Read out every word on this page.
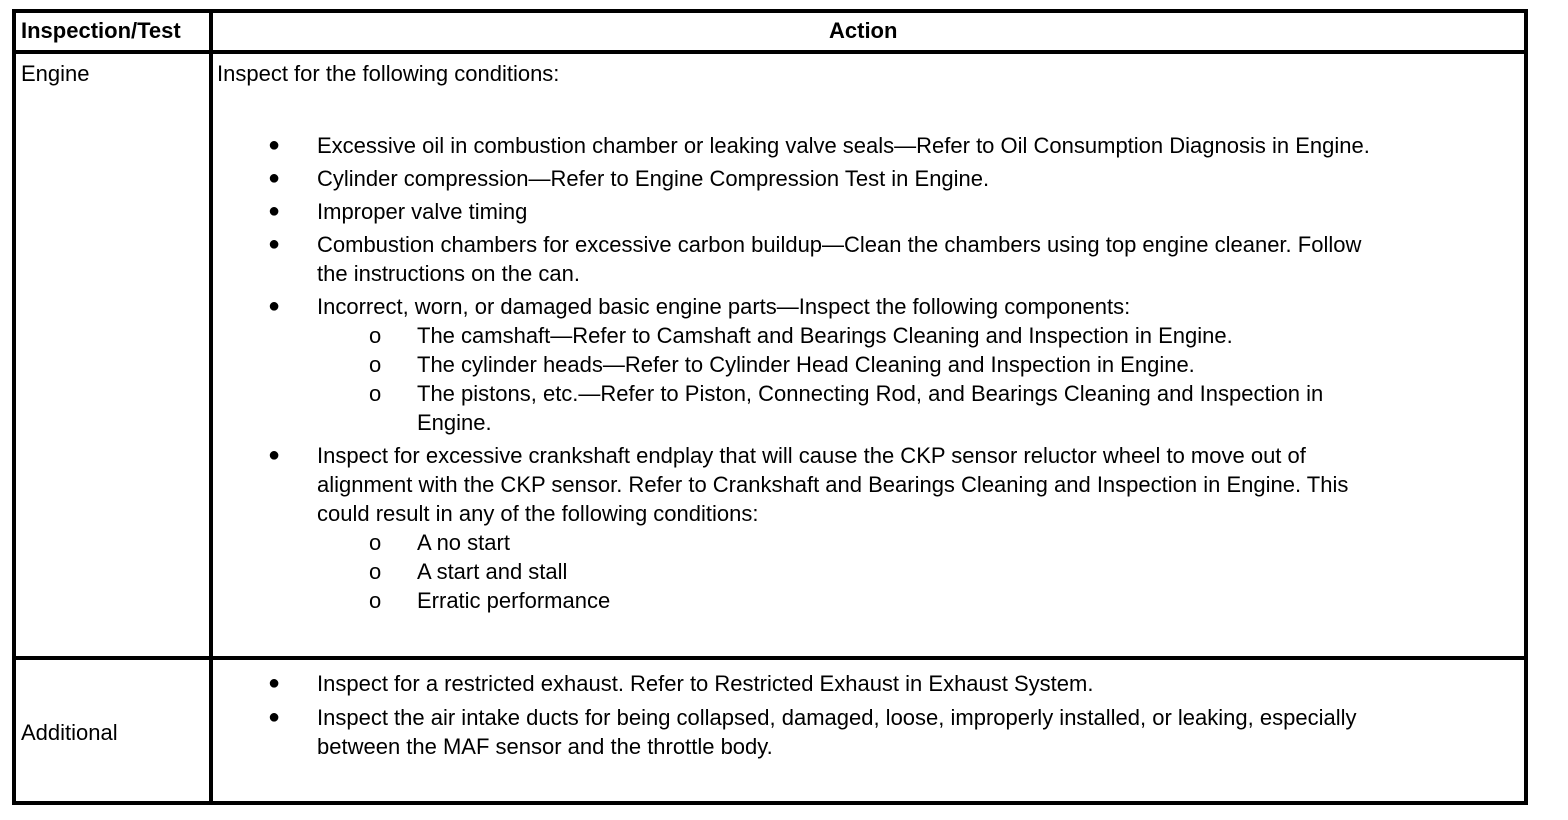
Inspection/Test	Action
Engine	Inspect for the following conditions:
● Excessive oil in combustion chamber or leaking valve seals—Refer to Oil Consumption Diagnosis in Engine.
● Cylinder compression—Refer to Engine Compression Test in Engine.
● Improper valve timing
● Combustion chambers for excessive carbon buildup—Clean the chambers using top engine cleaner. Follow
the instructions on the can.
● Incorrect, worn, or damaged basic engine parts—Inspect the following components:
o The camshaft—Refer to Camshaft and Bearings Cleaning and Inspection in Engine.
o The cylinder heads—Refer to Cylinder Head Cleaning and Inspection in Engine.
o The pistons, etc.—Refer to Piston, Connecting Rod, and Bearings Cleaning and Inspection in
Engine.
● Inspect for excessive crankshaft endplay that will cause the CKP sensor reluctor wheel to move out of
alignment with the CKP sensor. Refer to Crankshaft and Bearings Cleaning and Inspection in Engine. This
could result in any of the following conditions:
o A no start
o A start and stall
o Erratic performance
Additional
● Inspect for a restricted exhaust. Refer to Restricted Exhaust in Exhaust System.
● Inspect the air intake ducts for being collapsed, damaged, loose, improperly installed, or leaking, especially
between the MAF sensor and the throttle body.
